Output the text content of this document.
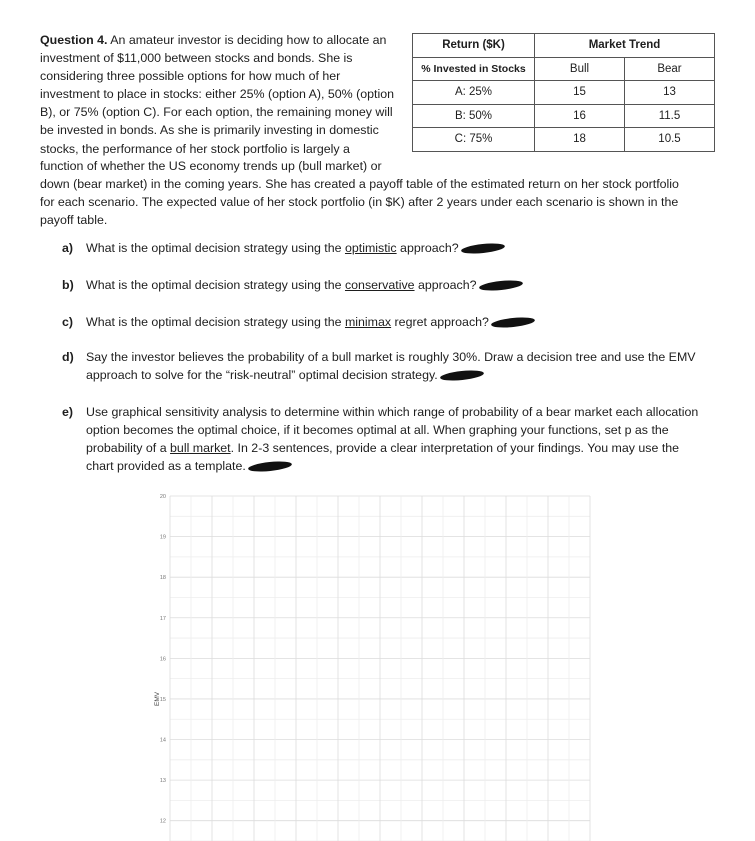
Question 4. An amateur investor is deciding how to allocate an
investment of $11,000 between stocks and bonds. She is
considering three possible options for how much of her
investment to place in stocks: either 25% (option A), 50% (option
B), or 75% (option C). For each option, the remaining money will
be invested in bonds. As she is primarily investing in domestic
stocks, the performance of her stock portfolio is largely a
Return ($K)	Market Trend	
% Invested in Stocks	Bull	Bear
A: 25%	15	13
B: 50%	16	11.5
C: 75%	18	10.5
function of whether the US economy trends up (bull market) or
down (bear market) in the coming years. She has created a payoff table of the estimated return on her stock portfolio
for each scenario. The expected value of her stock portfolio (in $K) after 2 years under each scenario is shown in the
payoff table.
a) What is the optimal decision strategy using the optimistic approach?
b) What is the optimal decision strategy using the conservative approach?
c) What is the optimal decision strategy using the minimax regret approach?
d) Say the investor believes the probability of a bull market is roughly 30%. Draw a decision tree and use the EMV
approach to solve for the “risk-neutral” optimal decision strategy.
e) Use graphical sensitivity analysis to determine within which range of probability of a bear market each allocation
option becomes the optimal choice, if it becomes optimal at all. When graphing your functions, set p as the
probability of a bull market. In 2-3 sentences, provide a clear interpretation of your findings. You may use the
chart provided as a template.
20
19
18
17
16
15
14
13
12
EMV
